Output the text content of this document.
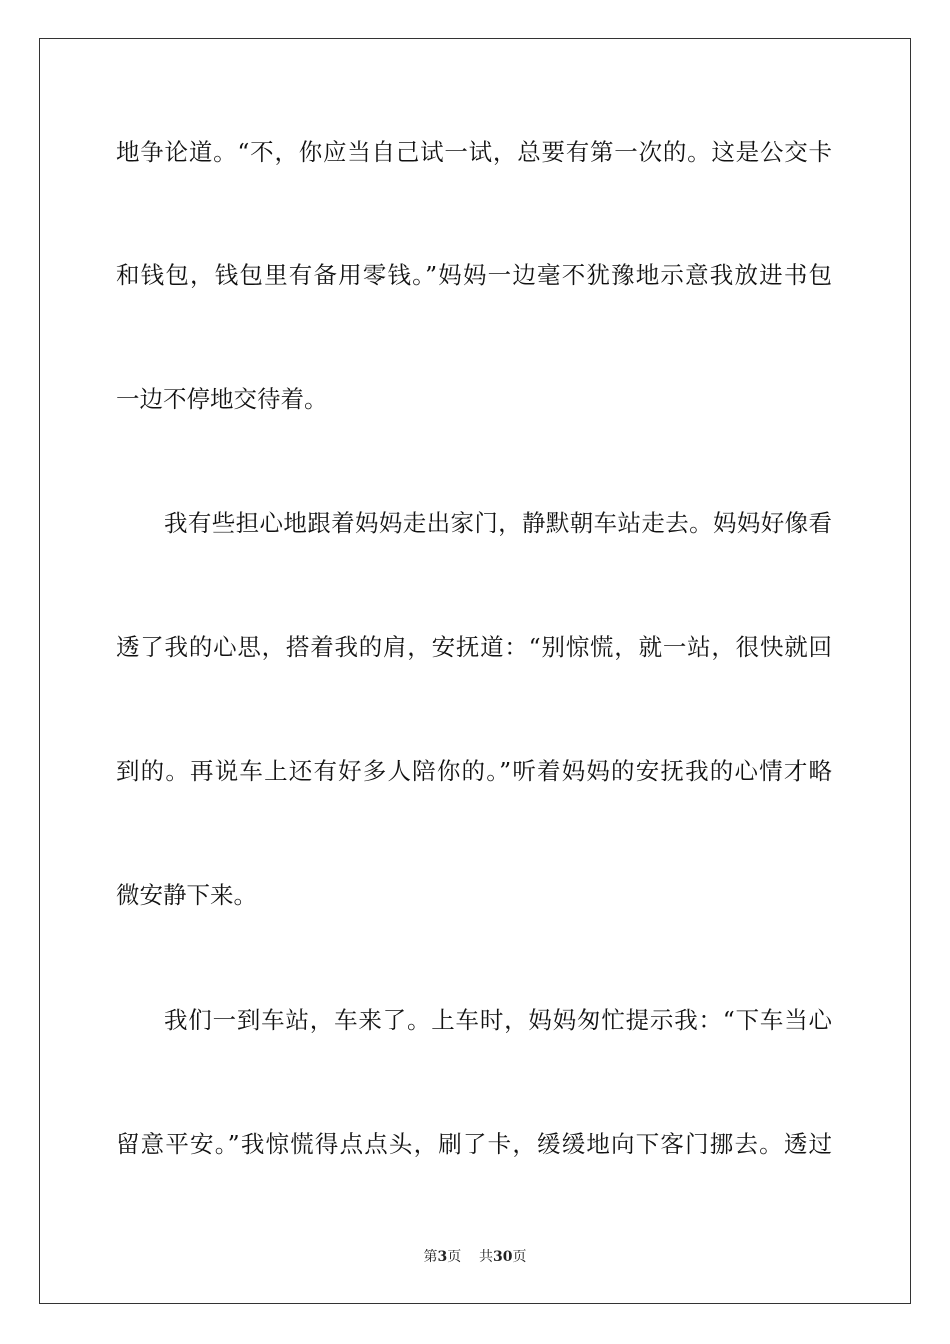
地争论道。“不，你应当自己试一试，总要有第一次的。这是公交卡
和钱包，钱包里有备用零钱。”妈妈一边毫不犹豫地示意我放进书包
一边不停地交待着。
我有些担心地跟着妈妈走出家门，静默朝车站走去。妈妈好像看
透了我的心思，搭着我的肩，安抚道：“别惊慌，就一站，很快就回
到的。再说车上还有好多人陪你的。”听着妈妈的安抚我的心情才略
微安静下来。
我们一到车站，车来了。上车时，妈妈匆忙提示我：“下车当心
留意平安。”我惊慌得点点头，刷了卡，缓缓地向下客门挪去。透过
第3页 共30页
